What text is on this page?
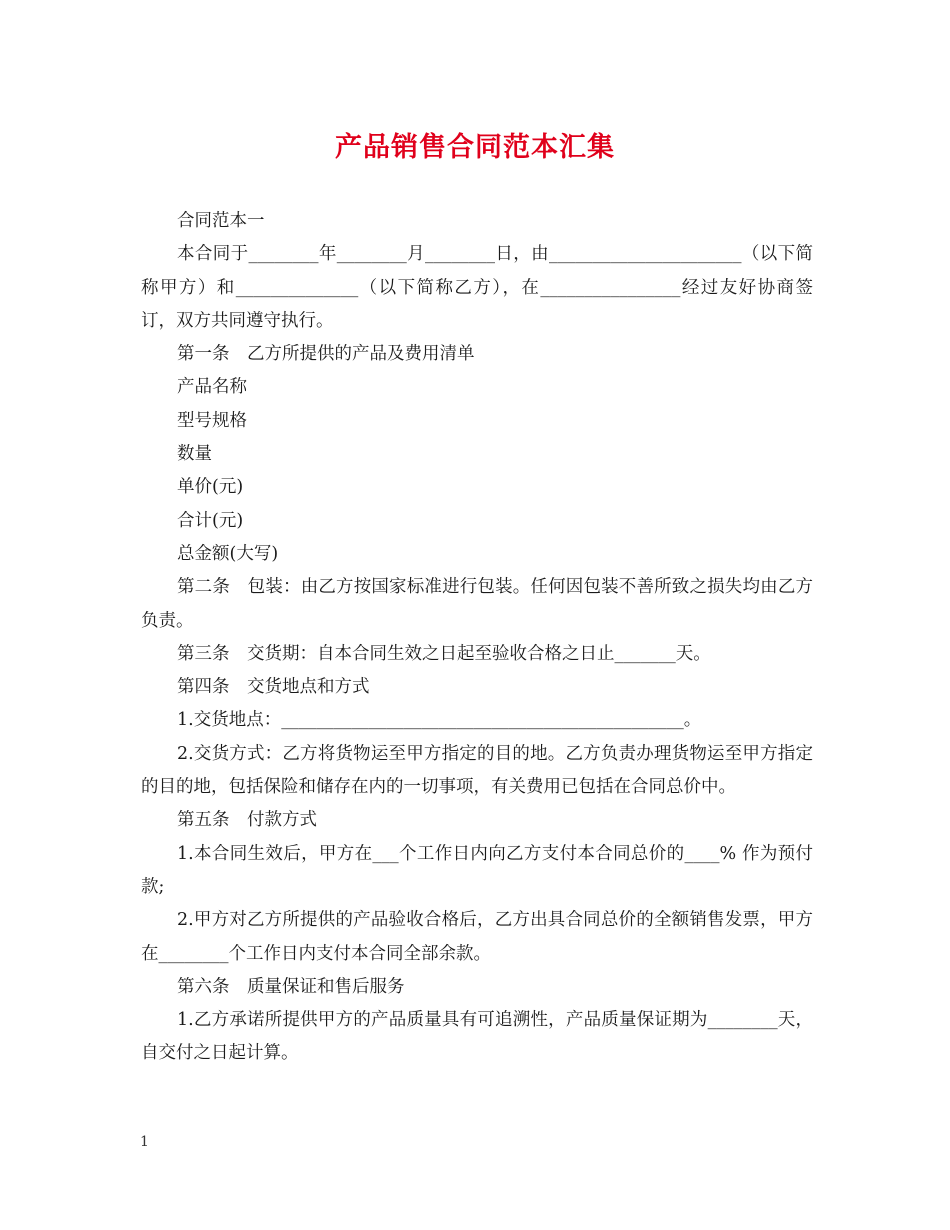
产品销售合同范本汇集

合同范本一

本合同于________年________月________日，由______________________（以下简称甲方）和______________（以下简称乙方），在________________经过友好协商签订，双方共同遵守执行。

第一条　乙方所提供的产品及费用清单

产品名称

型号规格

数量

单价(元)

合计(元)

总金额(大写)

第二条　包装：由乙方按国家标准进行包装。任何因包装不善所致之损失均由乙方负责。

第三条　交货期：自本合同生效之日起至验收合格之日止_______天。

第四条　交货地点和方式

1.交货地点：______________________________________________。

2.交货方式：乙方将货物运至甲方指定的目的地。乙方负责办理货物运至甲方指定的目的地，包括保险和储存在内的一切事项，有关费用已包括在合同总价中。

第五条　付款方式

1.本合同生效后，甲方在___个工作日内向乙方支付本合同总价的____% 作为预付款;

2.甲方对乙方所提供的产品验收合格后，乙方出具合同总价的全额销售发票，甲方在________个工作日内支付本合同全部余款。

第六条　质量保证和售后服务

1.乙方承诺所提供甲方的产品质量具有可追溯性，产品质量保证期为________天，自交付之日起计算。

1
